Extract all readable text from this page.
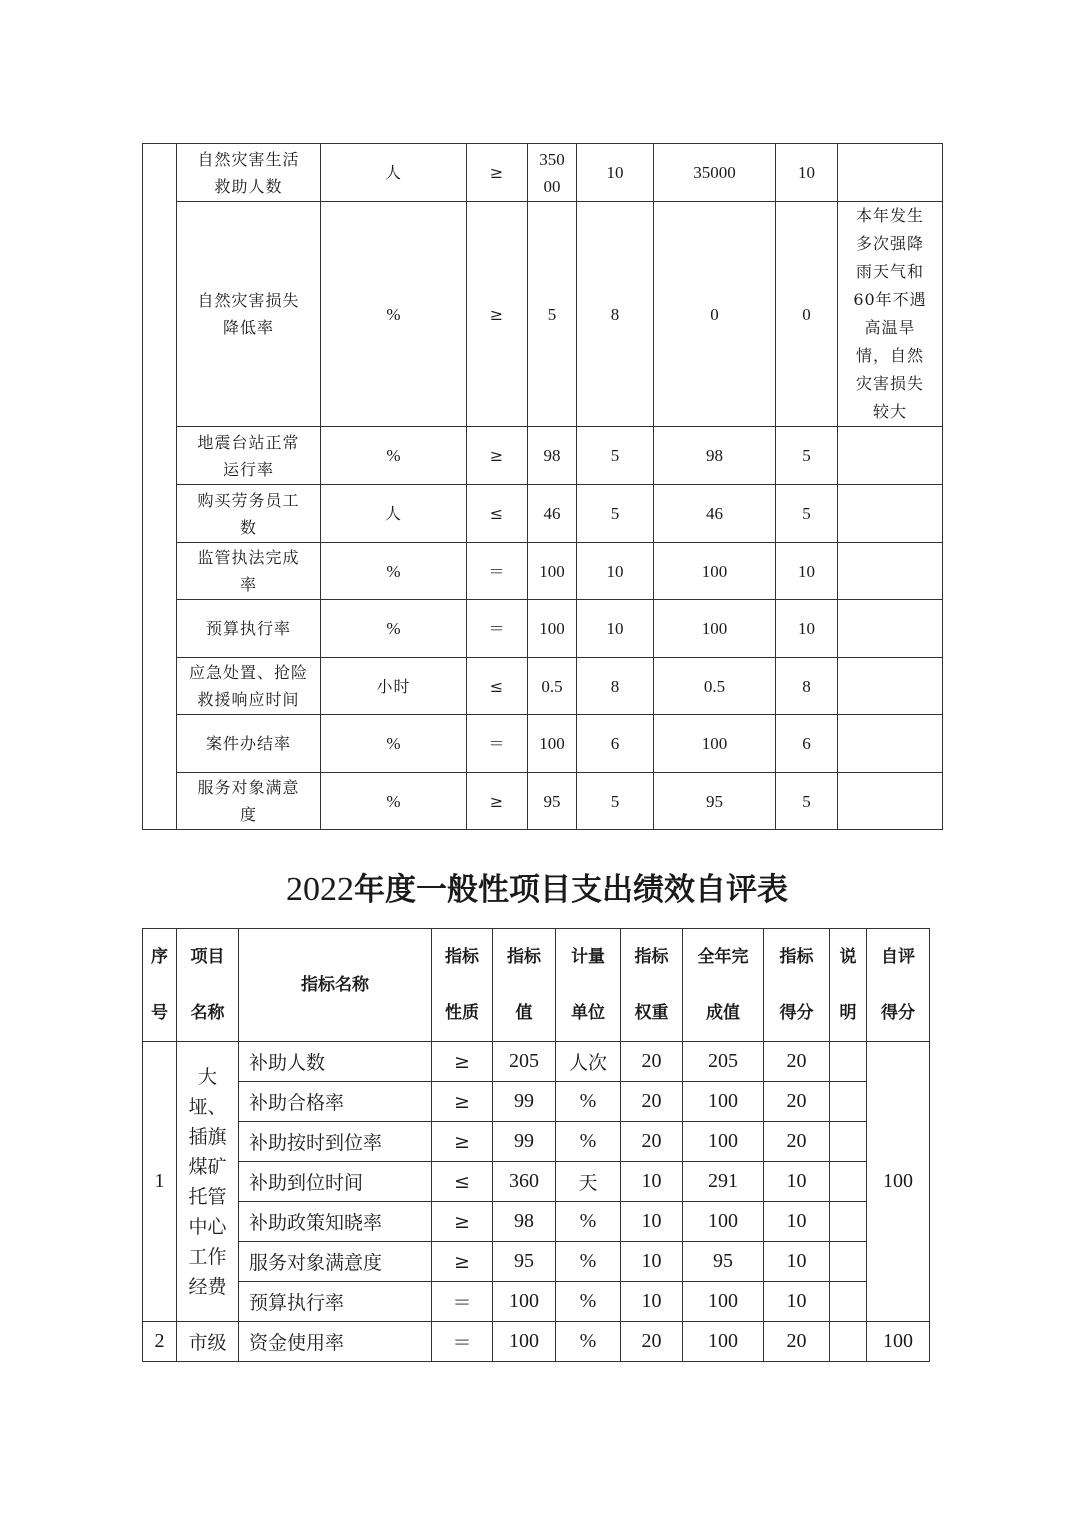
	自然灾害生活救助人数	人	≥	35000	10	35000	10	

	自然灾害损失降低率	%	≥	5	8	0	0	本年发生多次强降雨天气和60年不遇高温旱情，自然灾害损失较大

	地震台站正常运行率	%	≥	98	5	98	5	

	购买劳务员工数	人	≤	46	5	46	5	

	监管执法完成率	%	＝	100	10	100	10	
	预算执行率	%	＝	100	10	100	10	

	应急处置、抢险救援响应时间	小时	≤	0.5	8	0.5	8	
	案件办结率	%	＝	100	6	100	6	

	服务对象满意度	%	≥	95	5	95	5	
2022年度一般性项目支出绩效自评表
序号	项目名称	指标名称	指标性质	指标值	计量单位	指标权重	全年完成值	指标得分	说明	自评得分

1	大垭、插旗煤矿托管中心工作经费	补助人数	≥	205	人次	20	205	20		100
		补助合格率	≥	99	%	20	100	20		
		补助按时到位率	≥	99	%	20	100	20		
		补助到位时间	≤	360	天	10	291	10		
		补助政策知晓率	≥	98	%	10	100	10		
		服务对象满意度	≥	95	%	10	95	10		
		预算执行率	＝	100	%	10	100	10		
2	市级	资金使用率	＝	100	%	20	100	20		100
